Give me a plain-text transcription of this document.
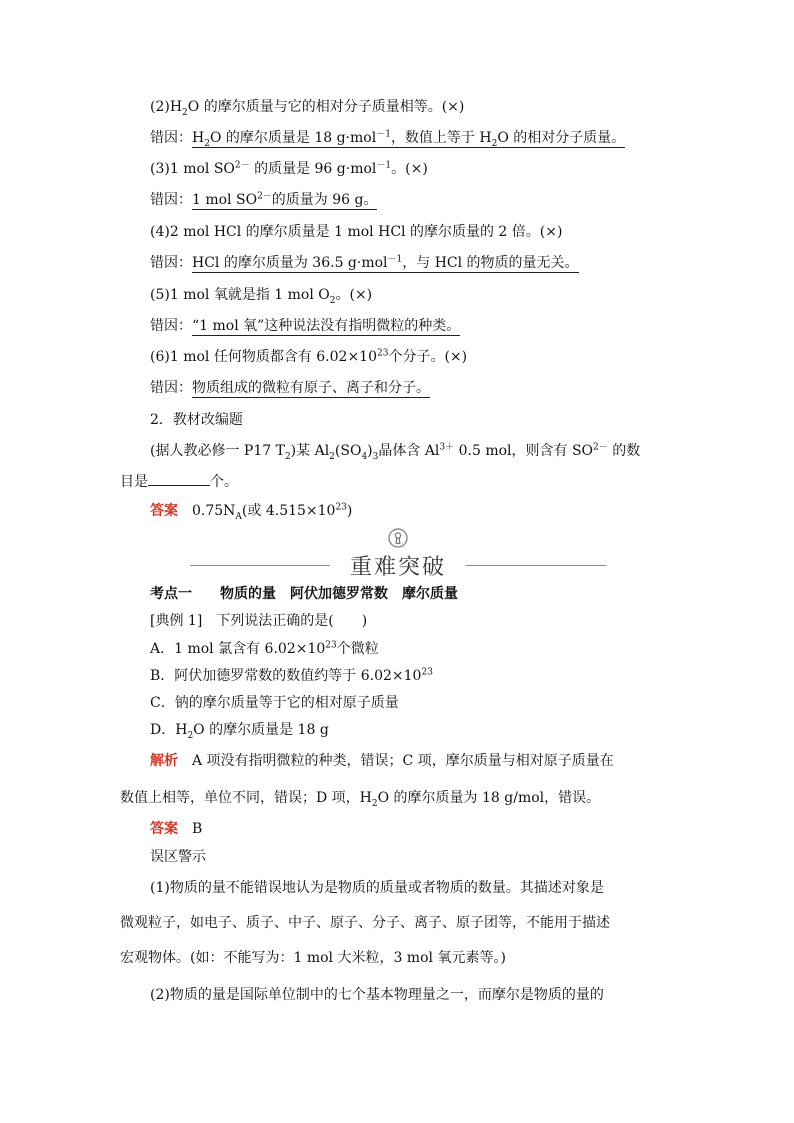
$(2)H_2O$ 的摩尔质量与它的相对分子质量相等。(×)
错因：$H_2O$ 的摩尔质量是 18 g·mol$^{-1}$，数值上等于 $H_2O$ 的相对分子质量。
(3)1 mol $SO^{2-}$ 的质量是 96 g·mol$^{-1}$。(×)
错因：1 mol $SO^{2-}$的质量为 96 g。
(4)2 mol HCl 的摩尔质量是 1 mol HCl 的摩尔质量的 2 倍。(×)
错因：HCl 的摩尔质量为 36.5 g·mol$^{-1}$，与 HCl 的物质的量无关。
(5)1 mol 氧就是指 1 mol $O_2$。(×)
错因：“1 mol 氧”这种说法没有指明微粒的种类。
(6)1 mol 任何物质都含有 $6.02\times 10^{23}$个分子。(×)
错因：物质组成的微粒有原子、离子和分子。
2．教材改编题
(据人教必修一 P17 $T_2$)某 $Al_2(SO_4)_3$晶体含 $Al^{3+}$ 0.5 mol，则含有 $SO^{2-}$ 的数
目是	个。
答案　 $0.75N_A$(或 $4.515\times 10^{23}$)
重难突破
考点一　　物质的量　阿伏加德罗常数　摩尔质量
[典例 1]　下列说法正确的是(　　)
A．1 mol 氯含有 $6.02\times 10^{23}$个微粒
B．阿伏加德罗常数的数值约等于 $6.02\times 10^{23}$
C．钠的摩尔质量等于它的相对原子质量
D．$H_2O$ 的摩尔质量是 18 g
解析　 A 项没有指明微粒的种类，错误；C 项，摩尔质量与相对原子质量在
数值上相等，单位不同，错误；D 项，$H_2O$ 的摩尔质量为 18 g/mol，错误。
答案　 B
误区警示
(1)物质的量不能错误地认为是物质的质量或者物质的数量。其描述对象是
微观粒子，如电子、质子、中子、原子、分子、离子、原子团等，不能用于描述
宏观物体。(如：不能写为：1 mol 大米粒，3 mol 氧元素等。)
(2)物质的量是国际单位制中的七个基本物理量之一，而摩尔是物质的量的
